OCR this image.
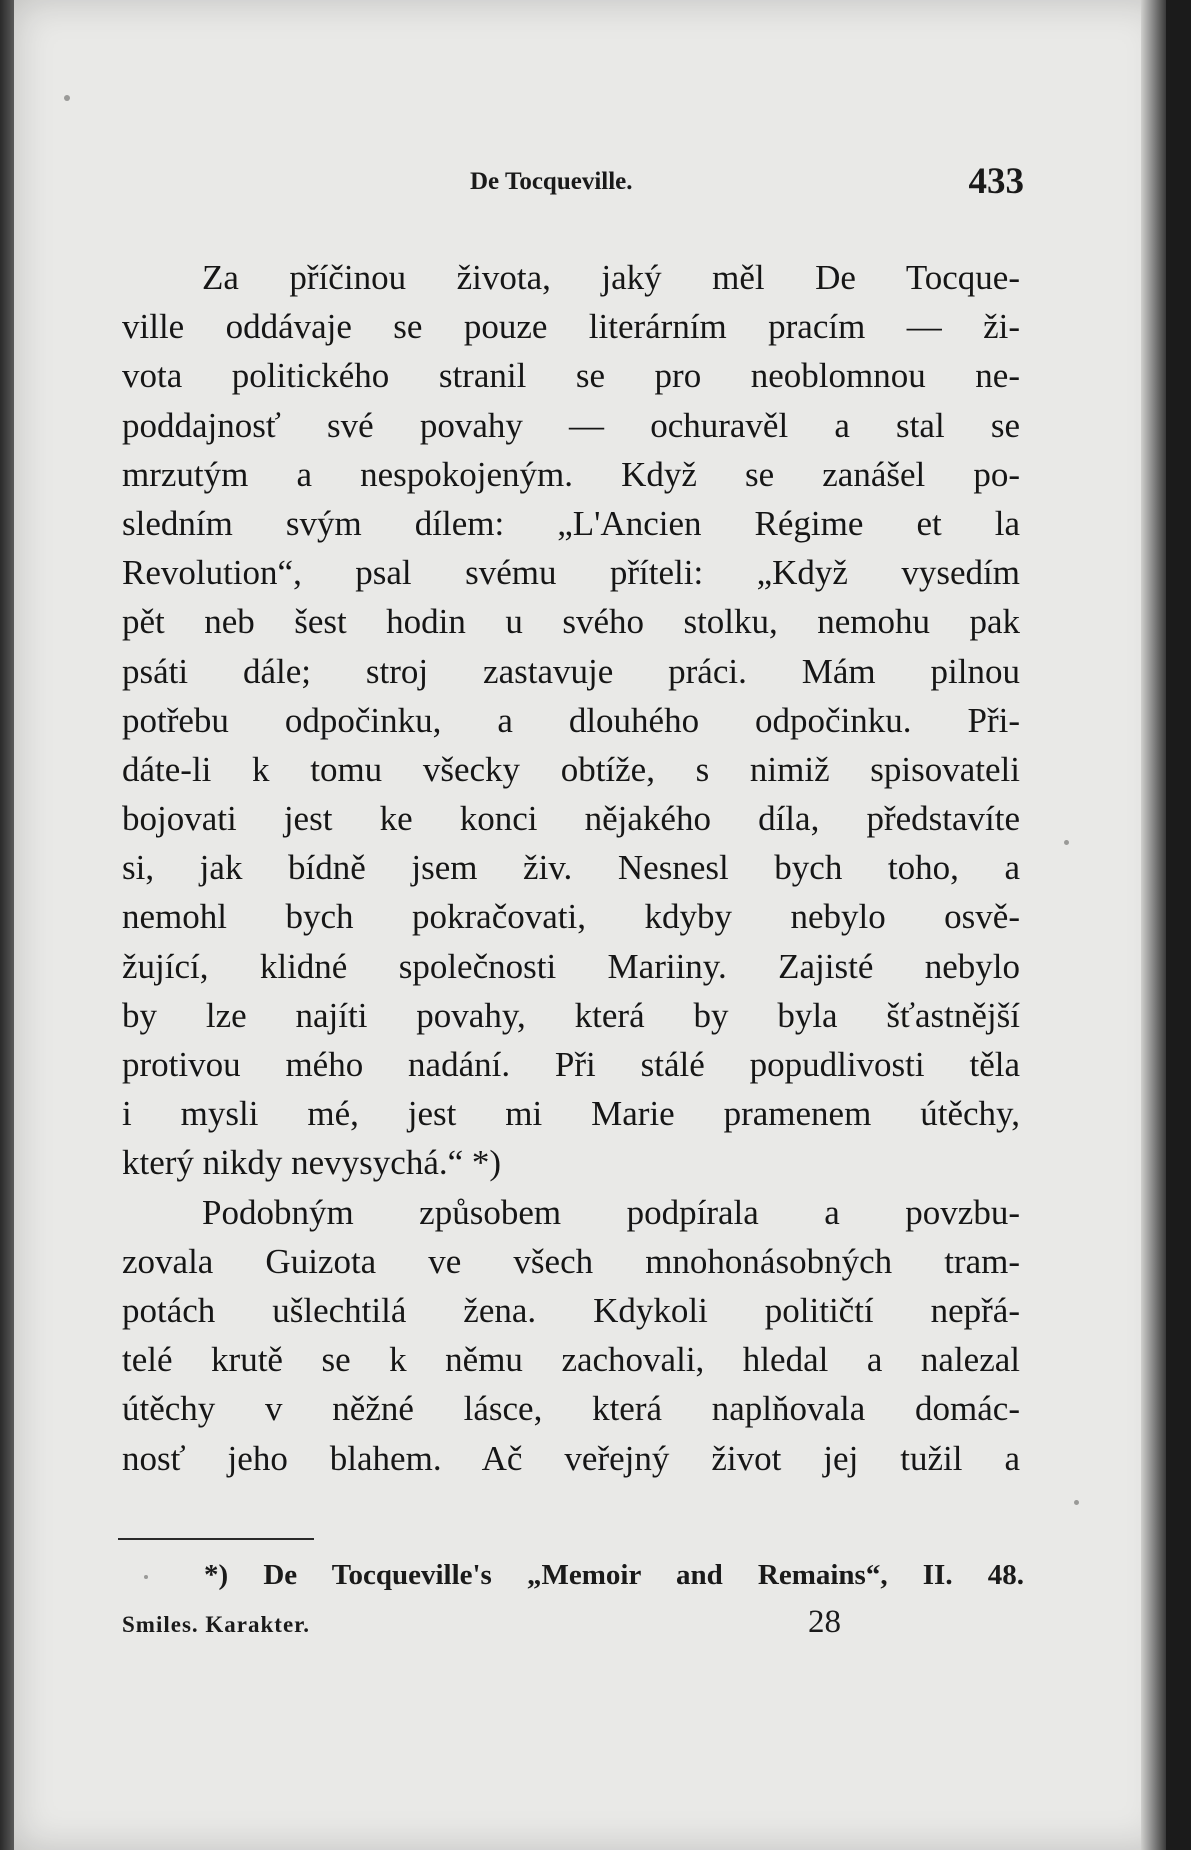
De Tocqueville.	433
Za příčinou života, jaký měl De Tocque-
ville oddávaje se pouze literárním pracím — ži-
vota politického stranil se pro neoblomnou ne-
poddajnosť své povahy — ochuravěl a stal se
mrzutým a nespokojeným. Když se zanášel po-
sledním svým dílem: „L'Ancien Régime et la
Revolution“, psal svému příteli: „Když vysedím
pět neb šest hodin u svého stolku, nemohu pak
psáti dále; stroj zastavuje práci. Mám pilnou
potřebu odpočinku, a dlouhého odpočinku. Při-
dáte-li k tomu všecky obtíže, s nimiž spisovateli
bojovati jest ke konci nějakého díla, představíte
si, jak bídně jsem živ. Nesnesl bych toho, a
nemohl bych pokračovati, kdyby nebylo osvě-
žující, klidné společnosti Mariiny. Zajisté nebylo
by lze najíti povahy, která by byla šťastnější
protivou mého nadání. Při stálé popudlivosti těla
i mysli mé, jest mi Marie pramenem útěchy,
který nikdy nevysychá.“ *)
Podobným způsobem podpírala a povzbu-
zovala Guizota ve všech mnohonásobných tram-
potách ušlechtilá žena. Kdykoli političtí nepřá-
telé krutě se k němu zachovali, hledal a nalezal
útěchy v něžné lásce, která naplňovala domác-
nosť jeho blahem. Ač veřejný život jej tužil a
*) De Tocqueville's „Memoir and Remains“, II. 48.
Smiles. Karakter.	28
